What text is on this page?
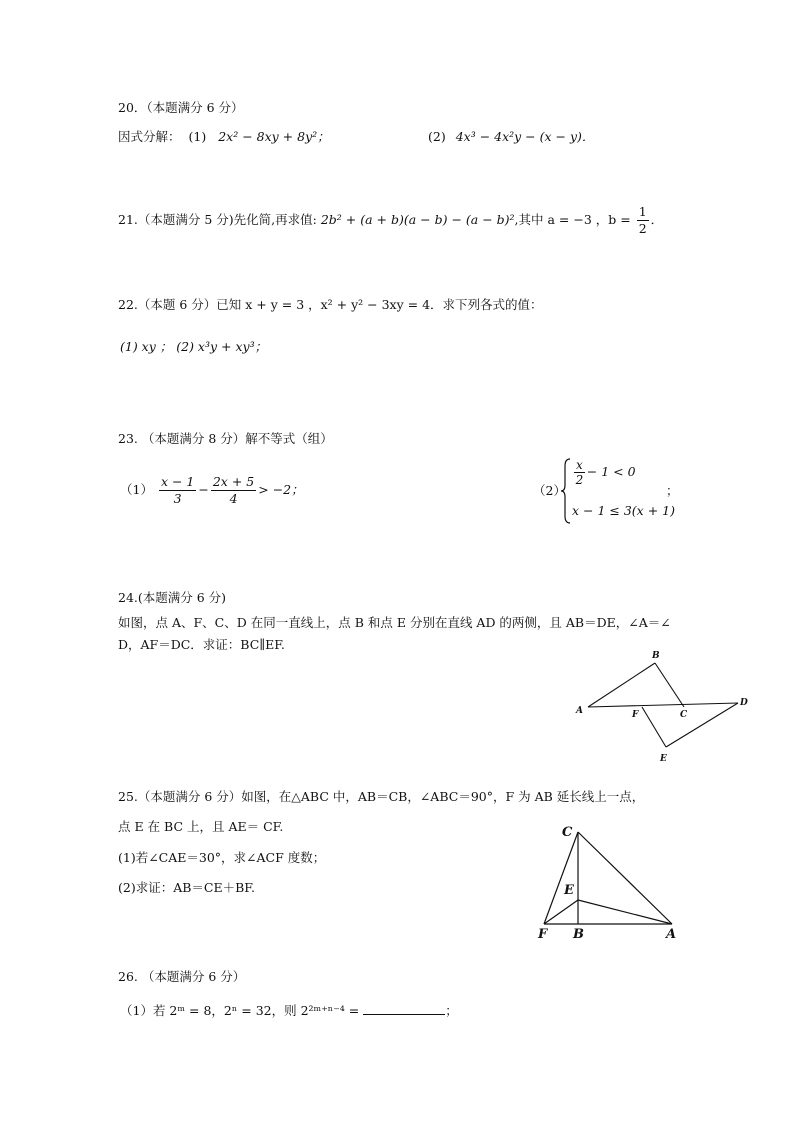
20．（本题满分 6 分）
因式分解： (1) 2x² − 8xy + 8y²；	(2) 4x³ − 4x²y − (x − y)．
21.（本题满分 5 分)先化简,再求值: 2b² + (a + b)(a − b) − (a − b)²,其中 a = −3 ，$b = \frac{1}{2}$ ．
22.（本题 6 分）已知 x + y = 3 ，x² + y² − 3xy = 4．求下列各式的值：
(1) xy ； (2) x³y + xy³；
23. （本题满分 8 分）解不等式（组）
$(1) \frac{x - 1}{3} - \frac{2x + 5}{4} > -2$；	（2）
$\frac{x}{2} - 1 < 0$
x − 1 ≤ 3(x + 1)
；
24.(本题满分 6 分)
如图，点 A、F、C、D 在同一直线上，点 B 和点 E 分别在直线 AD 的两侧，且 AB＝DE，∠A＝∠
D，AF＝DC．求证：BC∥EF.
A
B
C
D
E
F
25.（本题满分 6 分）如图，在△ABC 中，AB＝CB，∠ABC＝90°，F 为 AB 延长线上一点，
点 E 在 BC 上，且 AE＝ CF.
(1)若∠CAE＝30°，求∠ACF 度数；
(2)求证：AB＝CE＋BF.
C
E
F B	A
26. （本题满分 6 分）
（1）若 2ᵐ = 8，2ⁿ = 32，则 2²ᵐ⁺ⁿ⁻⁴ =	；
